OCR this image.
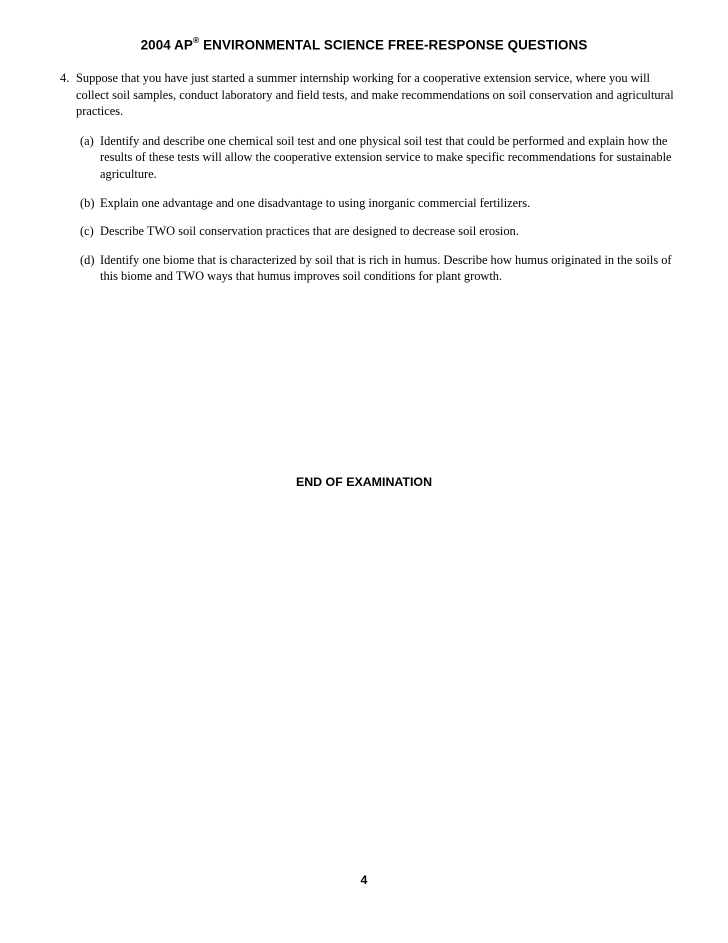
2004 AP® ENVIRONMENTAL SCIENCE FREE-RESPONSE QUESTIONS
4. Suppose that you have just started a summer internship working for a cooperative extension service, where you will collect soil samples, conduct laboratory and field tests, and make recommendations on soil conservation and agricultural practices.
(a) Identify and describe one chemical soil test and one physical soil test that could be performed and explain how the results of these tests will allow the cooperative extension service to make specific recommendations for sustainable agriculture.
(b) Explain one advantage and one disadvantage to using inorganic commercial fertilizers.
(c) Describe TWO soil conservation practices that are designed to decrease soil erosion.
(d) Identify one biome that is characterized by soil that is rich in humus. Describe how humus originated in the soils of this biome and TWO ways that humus improves soil conditions for plant growth.
END OF EXAMINATION
4
